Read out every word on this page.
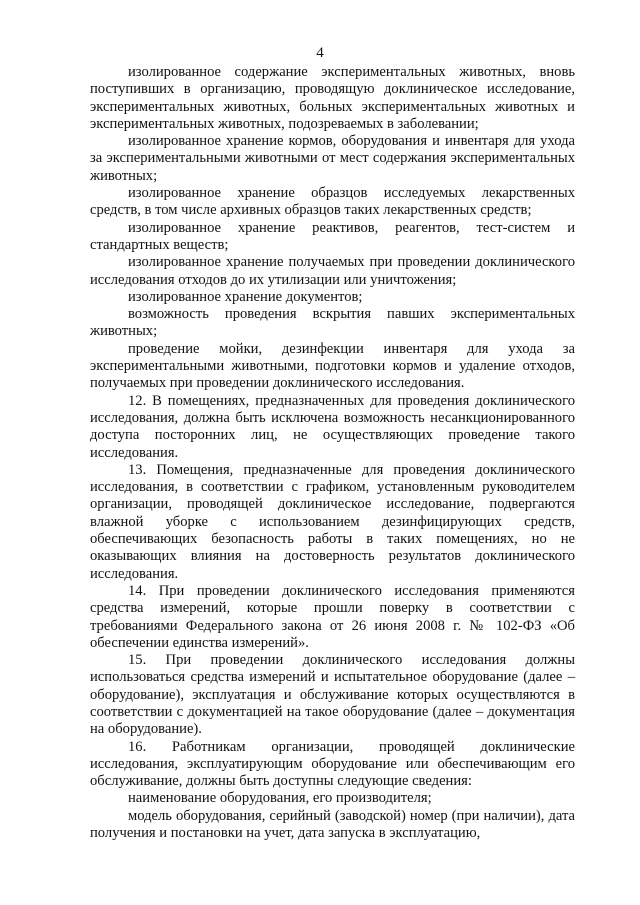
4

изолированное содержание экспериментальных животных, вновь поступивших в организацию, проводящую доклиническое исследование, экспериментальных животных, больных экспериментальных животных и экспериментальных животных, подозреваемых в заболевании;

изолированное хранение кормов, оборудования и инвентаря для ухода за экспериментальными животными от мест содержания экспериментальных животных;

изолированное хранение образцов исследуемых лекарственных средств, в том числе архивных образцов таких лекарственных средств;

изолированное хранение реактивов, реагентов, тест-систем и стандартных веществ;

изолированное хранение получаемых при проведении доклинического исследования отходов до их утилизации или уничтожения;

изолированное хранение документов;

возможность проведения вскрытия павших экспериментальных животных;

проведение мойки, дезинфекции инвентаря для ухода за экспериментальными животными, подготовки кормов и удаление отходов, получаемых при проведении доклинического исследования.

12. В помещениях, предназначенных для проведения доклинического исследования, должна быть исключена возможность несанкционированного доступа посторонних лиц, не осуществляющих проведение такого исследования.

13. Помещения, предназначенные для проведения доклинического исследования, в соответствии с графиком, установленным руководителем организации, проводящей доклиническое исследование, подвергаются влажной уборке с использованием дезинфицирующих средств, обеспечивающих безопасность работы в таких помещениях, но не оказывающих влияния на достоверность результатов доклинического исследования.

14. При проведении доклинического исследования применяются средства измерений, которые прошли поверку в соответствии с требованиями Федерального закона от 26 июня 2008 г. № 102-ФЗ «Об обеспечении единства измерений».

15. При проведении доклинического исследования должны использоваться средства измерений и испытательное оборудование (далее – оборудование), эксплуатация и обслуживание которых осуществляются в соответствии с документацией на такое оборудование (далее – документация на оборудование).

16. Работникам организации, проводящей доклинические исследования, эксплуатирующим оборудование или обеспечивающим его обслуживание, должны быть доступны следующие сведения:

наименование оборудования, его производителя;

модель оборудования, серийный (заводской) номер (при наличии), дата получения и постановки на учет, дата запуска в эксплуатацию,
